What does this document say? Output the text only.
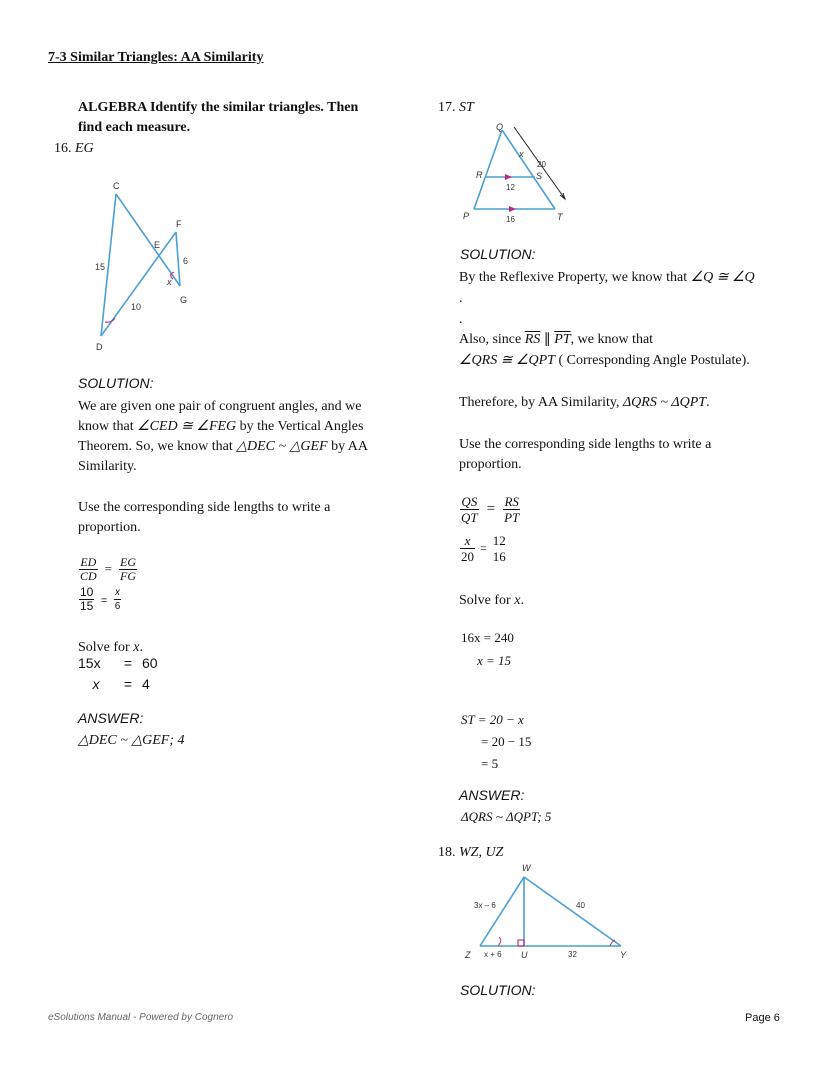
7-3 Similar Triangles: AA Similarity
ALGEBRA Identify the similar triangles. Then
find each measure.
16. EG
C
D
E
F
G
15
10
6
x
SOLUTION:
We are given one pair of congruent angles, and we
know that ∠CED ≅ ∠FEG by the Vertical Angles
Theorem. So, we know that △DEC ~ △GEF by AA
Similarity.
Use the corresponding side lengths to write a
proportion.
$\frac{ED}{CD} = \frac{EG}{FG}$
$\frac{10}{15} = \frac{x}{6}$
Solve for x.
15x = 60
x = 4
ANSWER:
△DEC ~ △GEF; 4
17. ST
Q
R	S
P	T
x
20
12
16
SOLUTION:
By the Reflexive Property, we know that ∠Q ≅ ∠Q
.
.
Also, since $\overline{RS}$ ∥ $\overline{PT}$, we know that
∠QRS ≅ ∠QPT ( Corresponding Angle Postulate).
Therefore, by AA Similarity, ΔQRS ~ ΔQPT.
Use the corresponding side lengths to write a
proportion.
$\frac{QS}{QT} = \frac{RS}{PT}$
$\frac{x}{20}$ =
12
16
Solve for x.
16x = 240
x = 15
ST = 20 − x
= 20 − 15
= 5
ANSWER:
ΔQRS ~ ΔQPT; 5
18. WZ, UZ
W
Z	U	Y
3x – 6
x + 6
40
32
SOLUTION:
eSolutions Manual - Powered by Cognero	Page 6
